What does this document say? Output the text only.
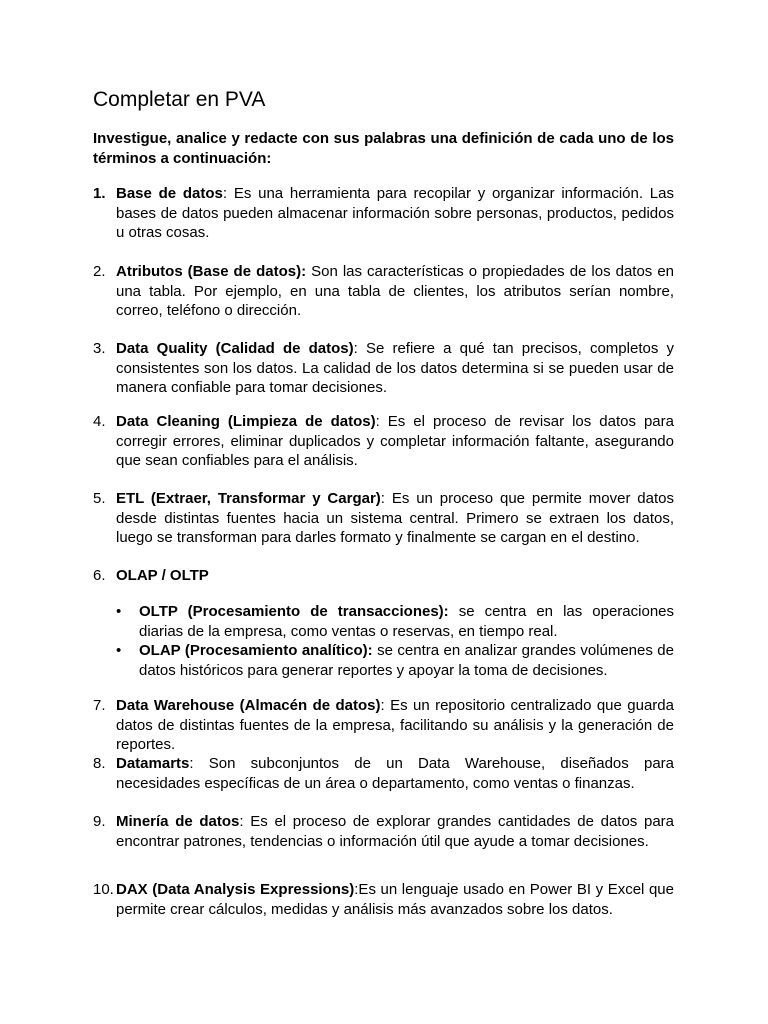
Completar en PVA

Investigue, analice y redacte con sus palabras una definición de cada uno de los términos a continuación:

1. Base de datos: Es una herramienta para recopilar y organizar información. Las bases de datos pueden almacenar información sobre personas, productos, pedidos u otras cosas.
2. Atributos (Base de datos): Son las características o propiedades de los datos en una tabla. Por ejemplo, en una tabla de clientes, los atributos serían nombre, correo, teléfono o dirección.
3. Data Quality (Calidad de datos): Se refiere a qué tan precisos, completos y consistentes son los datos. La calidad de los datos determina si se pueden usar de manera confiable para tomar decisiones.
4. Data Cleaning (Limpieza de datos): Es el proceso de revisar los datos para corregir errores, eliminar duplicados y completar información faltante, asegurando que sean confiables para el análisis.
5. ETL (Extraer, Transformar y Cargar): Es un proceso que permite mover datos desde distintas fuentes hacia un sistema central. Primero se extraen los datos, luego se transforman para darles formato y finalmente se cargan en el destino.
6. OLAP / OLTP
• OLTP (Procesamiento de transacciones): se centra en las operaciones diarias de la empresa, como ventas o reservas, en tiempo real.
• OLAP (Procesamiento analítico): se centra en analizar grandes volúmenes de datos históricos para generar reportes y apoyar la toma de decisiones.
7. Data Warehouse (Almacén de datos): Es un repositorio centralizado que guarda datos de distintas fuentes de la empresa, facilitando su análisis y la generación de reportes.
8. Datamarts: Son subconjuntos de un Data Warehouse, diseñados para necesidades específicas de un área o departamento, como ventas o finanzas.
9. Minería de datos: Es el proceso de explorar grandes cantidades de datos para encontrar patrones, tendencias o información útil que ayude a tomar decisiones.
10. DAX (Data Analysis Expressions):Es un lenguaje usado en Power BI y Excel que permite crear cálculos, medidas y análisis más avanzados sobre los datos.
